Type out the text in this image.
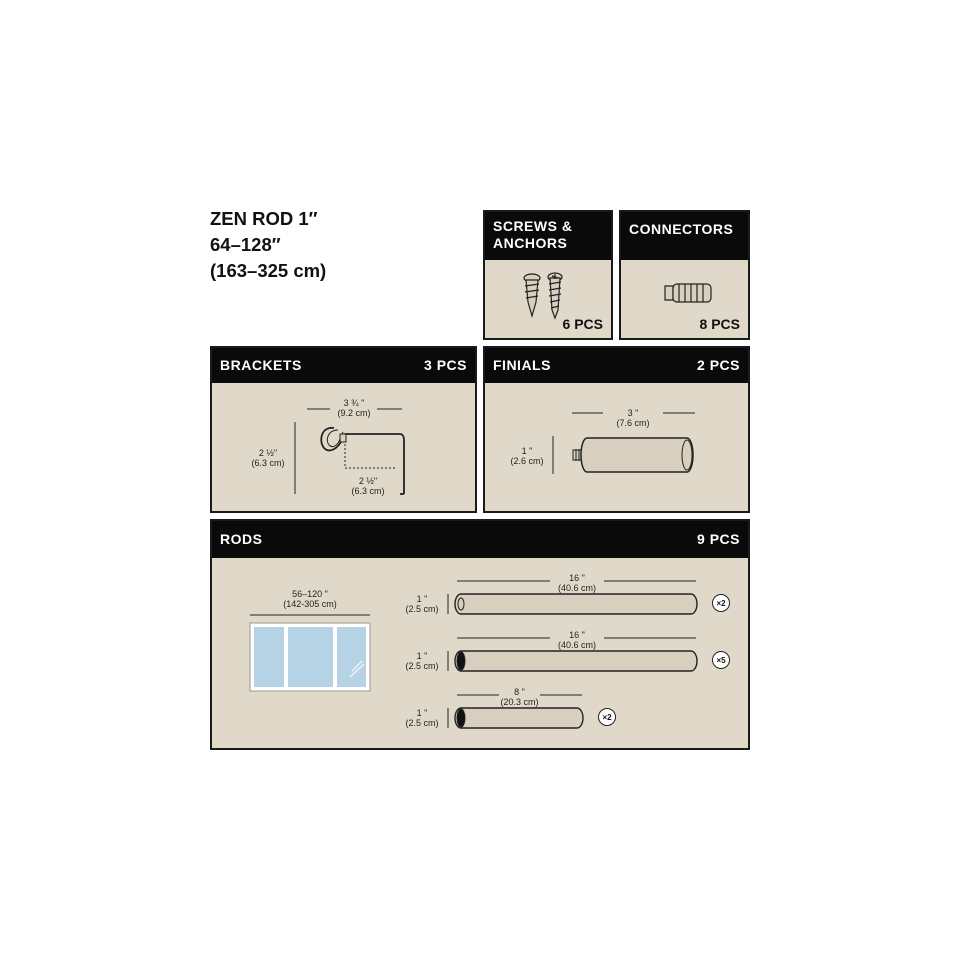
ZEN ROD 1″
64–128″
(163–325 cm)
SCREWS &
ANCHORS
6 PCS
CONNECTORS
8 PCS
BRACKETS	3 PCS
3 ¾ "
(9.2 cm)
2 ½"
(6.3 cm)
2 ½"
(6.3 cm)
FINIALS	2 PCS
3 "
(7.6 cm)
1 "
(2.6 cm)
RODS	9 PCS
56–120 "
(142-305 cm)
16 "
(40.6 cm)
1 "
(2.5 cm)
×2
16 "
(40.6 cm)
1 "
(2.5 cm)
×5
8 "
(20.3 cm)
1 "
(2.5 cm)
×2
